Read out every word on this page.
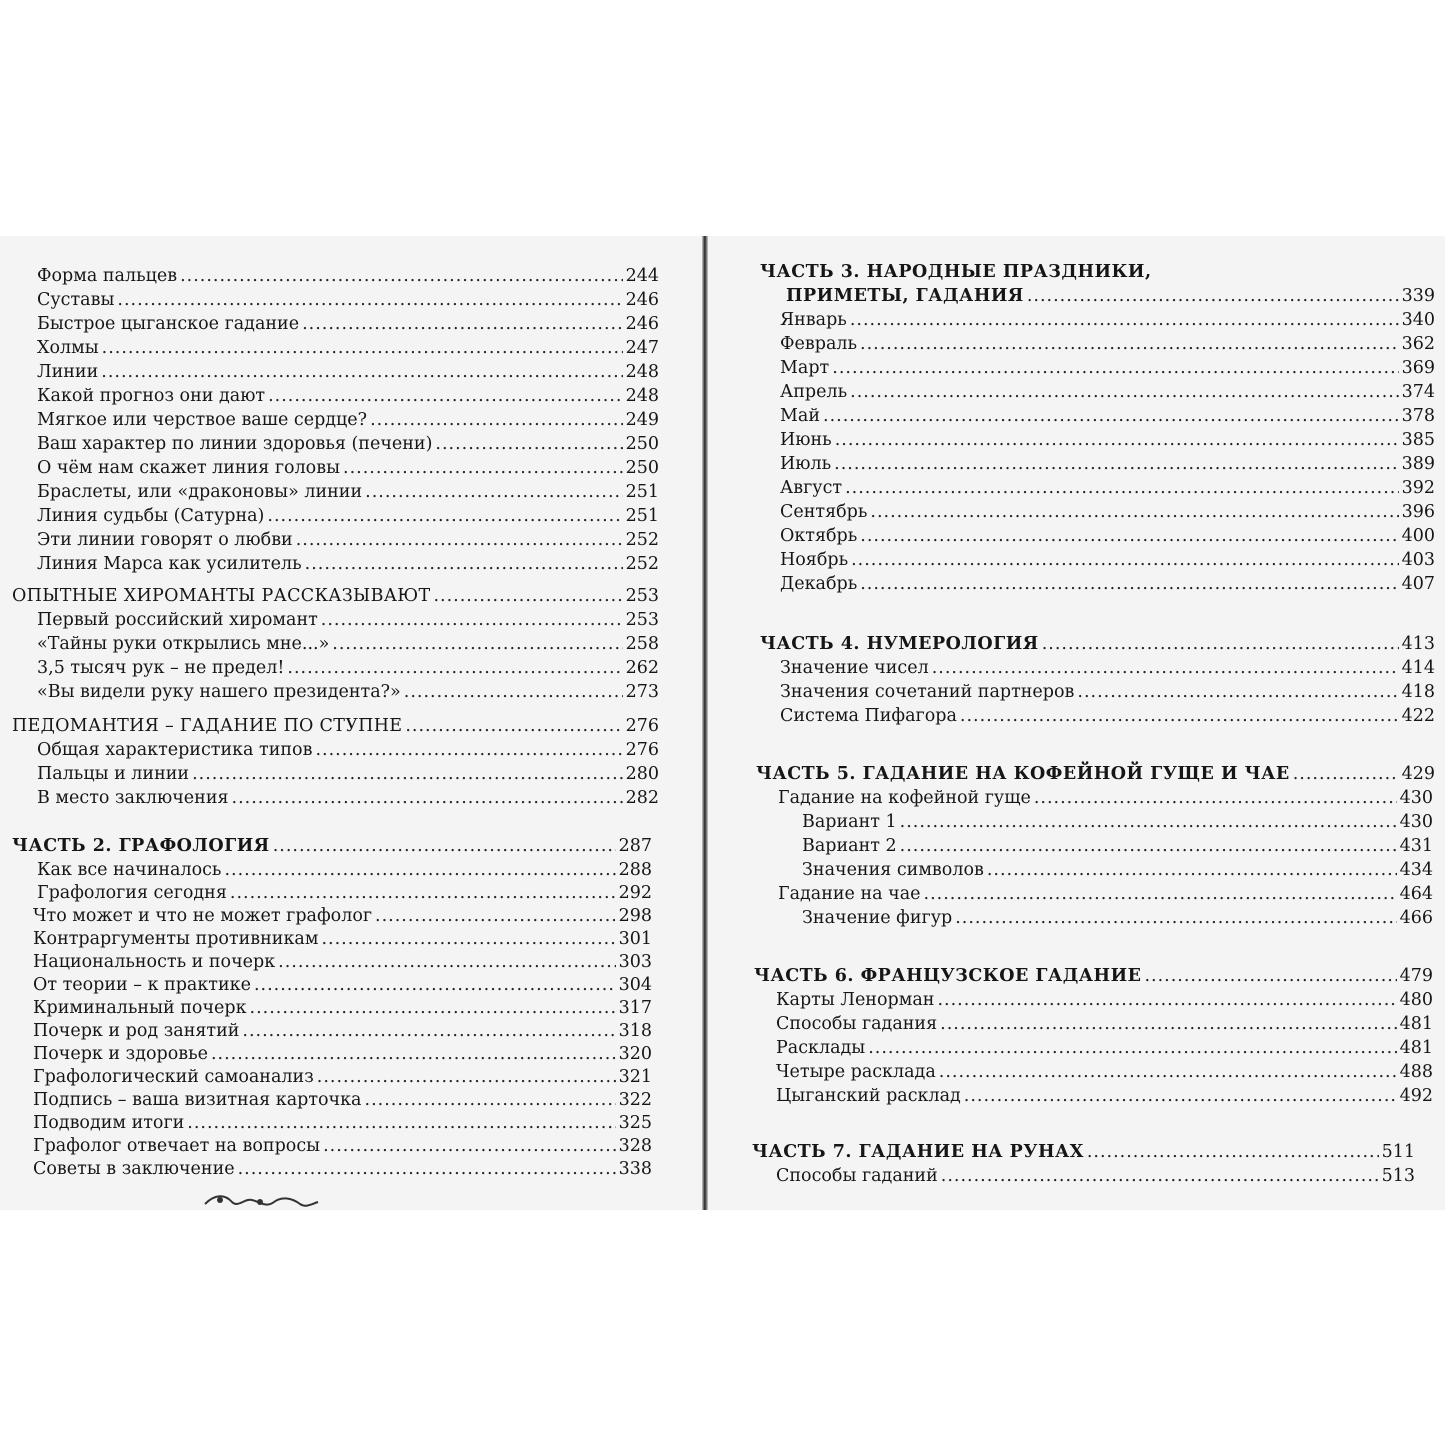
Форма пальцев .....	244
Суставы .....	246
Быстрое цыганское гадание .....	246
Холмы .....	247
Линии .....	248
Какой прогноз они дают .....	248
Мягкое или черствое ваше сердце? .....	249
Ваш характер по линии здоровья (печени) .....	250
О чём нам скажет линия головы .....	250
Браслеты, или «драконовы» линии .....	251
Линия судьбы (Сатурна) .....	251
Эти линии говорят о любви .....	252
Линия Марса как усилитель .....	252
ОПЫТНЫЕ ХИРОМАНТЫ РАССКАЗЫВАЮТ .....	253
Первый российский хиромант .....	253
«Тайны руки открылись мне...» .....	258
3,5 тысяч рук – не предел! .....	262
«Вы видели руку нашего президента?» .....	273
ПЕДОМАНТИЯ – ГАДАНИЕ ПО СТУПНЕ .....	276
Общая характеристика типов .....	276
Пальцы и линии .....	280
В место заключения .....	282
ЧАСТЬ 2. ГРАФОЛОГИЯ .....	287
Как все начиналось .....	288
Графология сегодня .....	292
Что может и что не может графолог .....	298
Контраргументы противникам .....	301
Национальность и почерк .....	303
От теории – к практике .....	304
Криминальный почерк .....	317
Почерк и род занятий .....	318
Почерк и здоровье .....	320
Графологический самоанализ .....	321
Подпись – ваша визитная карточка .....	322
Подводим итоги .....	325
Графолог отвечает на вопросы .....	328
Советы в заключение .....	338
ЧАСТЬ 3. НАРОДНЫЕ ПРАЗДНИКИ,
ПРИМЕТЫ, ГАДАНИЯ .....	339
Январь .....	340
Февраль .....	362
Март .....	369
Апрель .....	374
Май .....	378
Июнь .....	385
Июль .....	389
Август .....	392
Сентябрь .....	396
Октябрь .....	400
Ноябрь .....	403
Декабрь .....	407
ЧАСТЬ 4. НУМЕРОЛОГИЯ .....	413
Значение чисел .....	414
Значения сочетаний партнеров .....	418
Система Пифагора .....	422
ЧАСТЬ 5. ГАДАНИЕ НА КОФЕЙНОЙ ГУЩЕ И ЧАЕ .....	429
Гадание на кофейной гуще .....	430
Вариант 1 .....	430
Вариант 2 .....	431
Значения символов .....	434
Гадание на чае .....	464
Значение фигур .....	466
ЧАСТЬ 6. ФРАНЦУЗСКОЕ ГАДАНИЕ .....	479
Карты Ленорман .....	480
Способы гадания .....	481
Расклады .....	481
Четыре расклада .....	488
Цыганский расклад .....	492
ЧАСТЬ 7. ГАДАНИЕ НА РУНАХ .....	511
Способы гаданий .....	513
